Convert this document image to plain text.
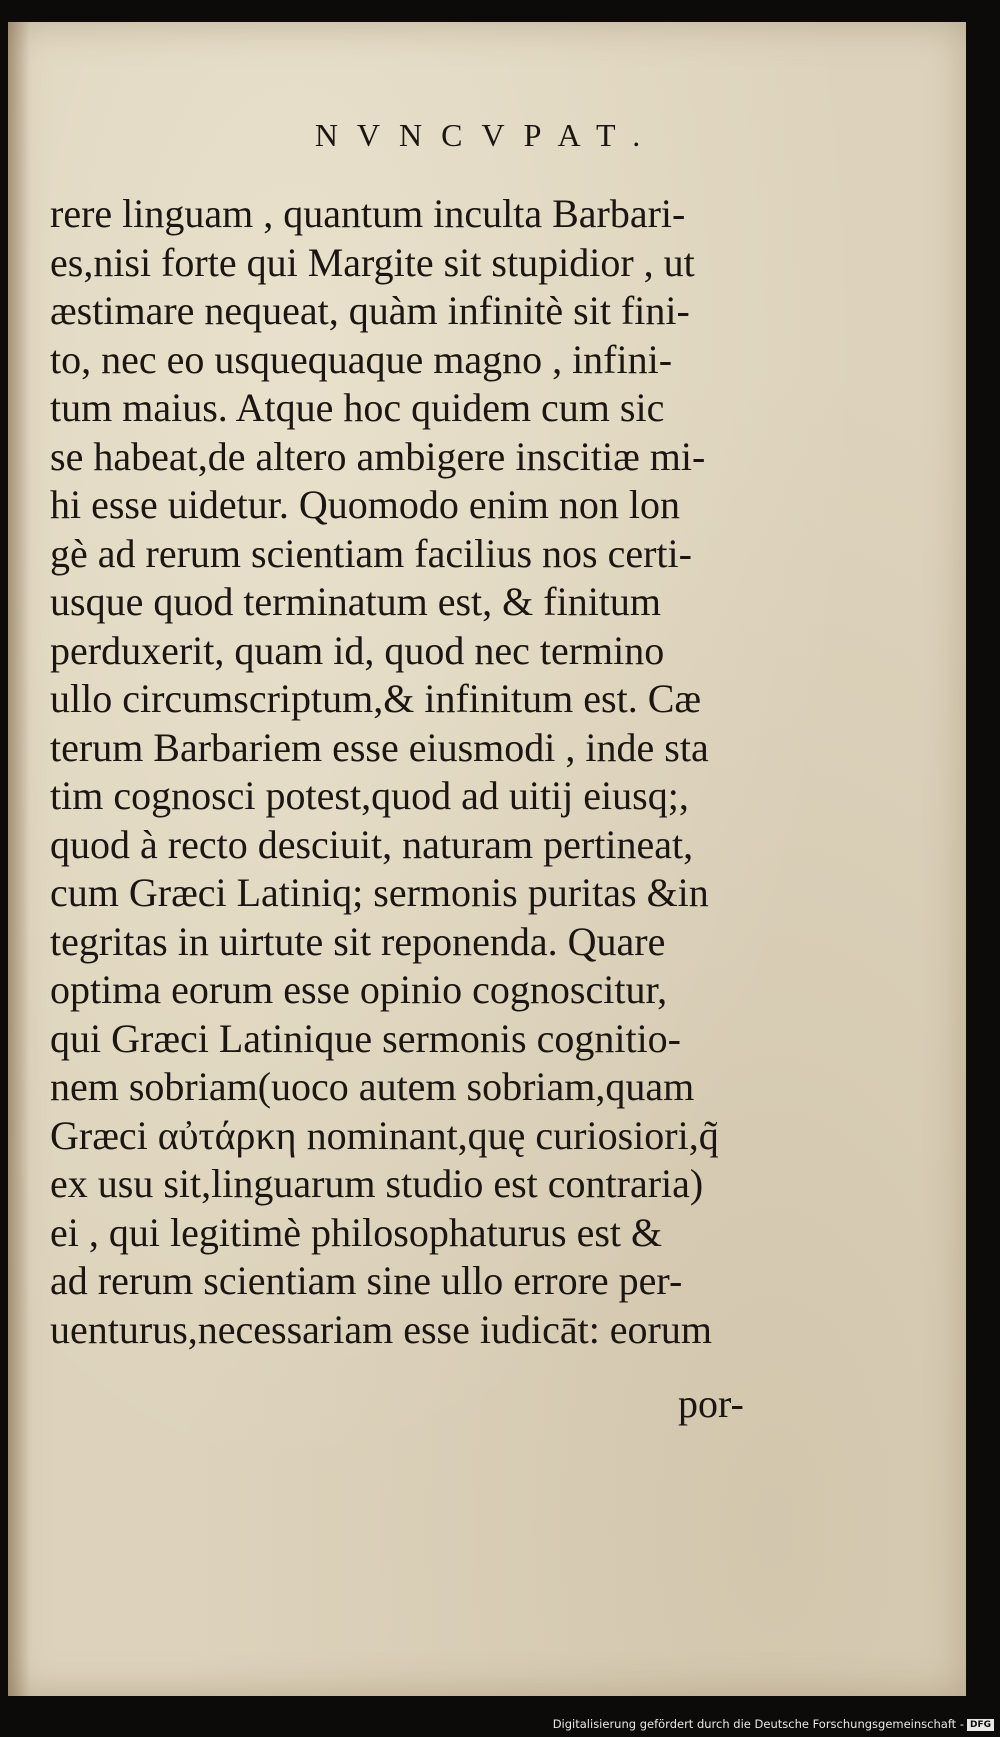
NVNCVPAT.
rere linguam , quantum inculta Barbari-
es,nisi forte qui Margite sit stupidior , ut
æstimare nequeat, quàm infinitè sit fini-
to, nec eo usquequaque magno , infini-
tum maius. Atque hoc quidem cum sic
se habeat,de altero ambigere inscitiæ mi-
hi esse uidetur. Quomodo enim non lon
gè ad rerum scientiam facilius nos certi-
usque quod terminatum est, & finitum
perduxerit, quam id, quod nec termino
ullo circumscriptum,& infinitum est. Cæ
terum Barbariem esse eiusmodi , inde sta
tim cognosci potest,quod ad uitij eiusq;,
quod à recto desciuit, naturam pertineat,
cum Græci Latiniq; sermonis puritas &in
tegritas in uirtute sit reponenda. Quare
optima eorum esse opinio cognoscitur,
qui Græci Latinique sermonis cognitio-
nem sobriam(uoco autem sobriam,quam
Græci αὐτάρκη nominant,quę curiosiori,q̃
ex usu sit,linguarum studio est contraria)
ei , qui legitimè philosophaturus est &
ad rerum scientiam sine ullo errore per-
uenturus,necessariam esse iudicāt: eorum
por-
Digitalisierung gefördert durch die Deutsche Forschungsgemeinschaft - DFG
